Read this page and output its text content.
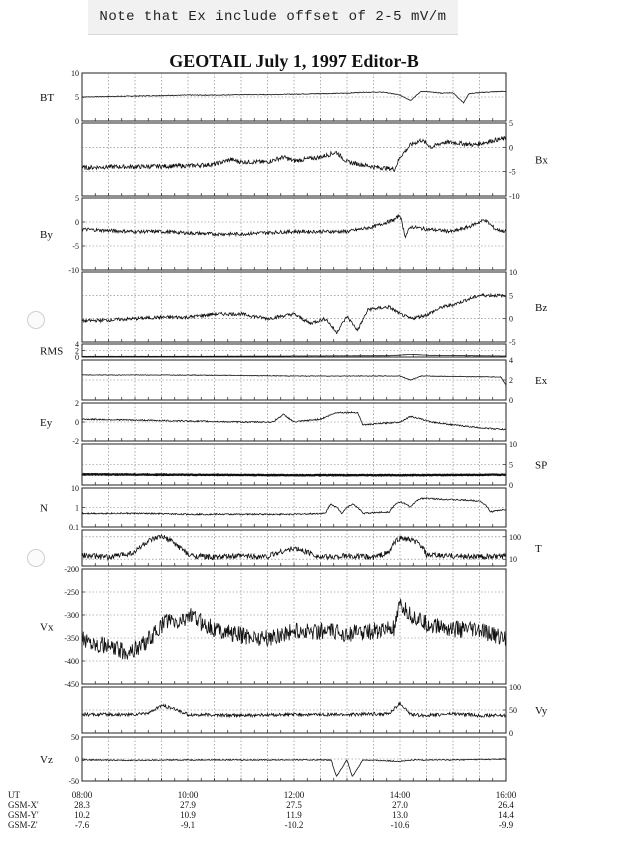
Note that Ex include offset of 2-5 mV/m
GEOTAIL July 1, 1997 Editor-B
0
5
10
BT
5
0
-5
-10
Bx
5
0
-5
-10
By
10
5
0
-5
Bz
4
2
0
RMS
4
2
0
Ex
2
0
-2
Ey
10
5
0
SP
10
1
0.1
N
100
10
T
-200
-250
-300
-350
-400
-450
Vx
100
50
0
Vy
50
0
-50
Vz
UT
GSM-X'
GSM-Y'
GSM-Z'
08:00
28.3
10.2
-7.6
10:00
27.9
10.9
-9.1
12:00
27.5
11.9
-10.2
14:00
27.0
13.0
-10.6
16:00
26.4
14.4
-9.9
